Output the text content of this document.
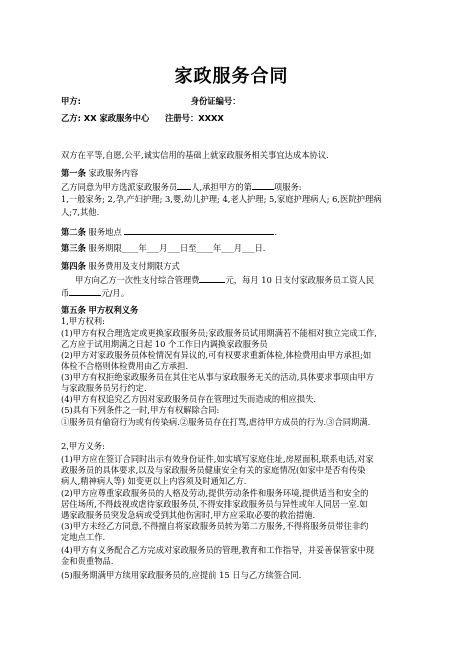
家政服务合同
甲方:	身份证编号：
乙方: XX 家政服务中心 注册号：XXXX
双方在平等,自愿,公平,诚实信用的基础上就家政服务相关事宜达成本协议.
第一条 家政服务内容
乙方同意为甲方选派家政服务员 人,承担甲方的第	项服务:
1,一般家务; 2,孕,产妇护理; 3,婴,幼儿护理; 4,老人护理; 5,家庭护理病人; 6,医院护理病
人;7,其他.
第二条 服务地点	.
第三条 服务期限____年___月___日至____年___月___日.
第四条 服务费用及支付期限方式
甲方向乙方一次性支付综合管理费	元，每月 10 日支付家政服务员工资人民
币	元/月。
第五条 甲方权利义务
1,甲方权利:
(1)甲方有权合理选定或更换家政服务员;家政服务员试用期满若不能相对独立完成工作,
乙方应于试用期满之日起 10 个工作日内调换家政服务员
(2)甲方对家政服务员体检情况有异议的,可有权要求重新体检,体检费用由甲方承担;如
体检不合格则体检费用由乙方承担.
(3)甲方有权拒绝家政服务员在其住宅从事与家政服务无关的活动,具体要求事项由甲方
与家政服务员另行约定.
(4)甲方有权追究乙方因对家政服务员存在管理过失而造成的相应损失.
(5)具有下列条件之一时,甲方有权解除合同:
①服务员有偷窃行为或有传染病.②服务员存在打骂,虐待甲方成员的行为.③合同期满.
2,甲方义务:
(1)甲方应在签订合同时出示有效身份证件,如实填写家庭住址,房屋面积,联系电话,对家
政服务员的具体要求,以及与家政服务员健康安全有关的家庭情况(如家中是否有传染
病人,精神病人等) 如变更以上内容须及时通知乙方.
(2)甲方应尊重家政服务员的人格及劳动,提供劳动条件和服务环境,提供适当和安全的
居住场所,不得歧视或虐待家政服务员,不得安排家政服务员与异性或年人同居一室.如
遇家政服务员突发急病或受到其他伤害时,甲方应采取必要的救治措施.
(3)甲方未经乙方同意,不得擅自将家政服务员转为第二方服务,不得将服务员带往非约
定地点工作.
(4)甲方有义务配合乙方完成对家政服务员的管理,教育和工作指导，并妥善保管家中现
金和贵重物品.
(5)服务期满甲方续用家政服务员的,应提前 15 日与乙方续签合同.
